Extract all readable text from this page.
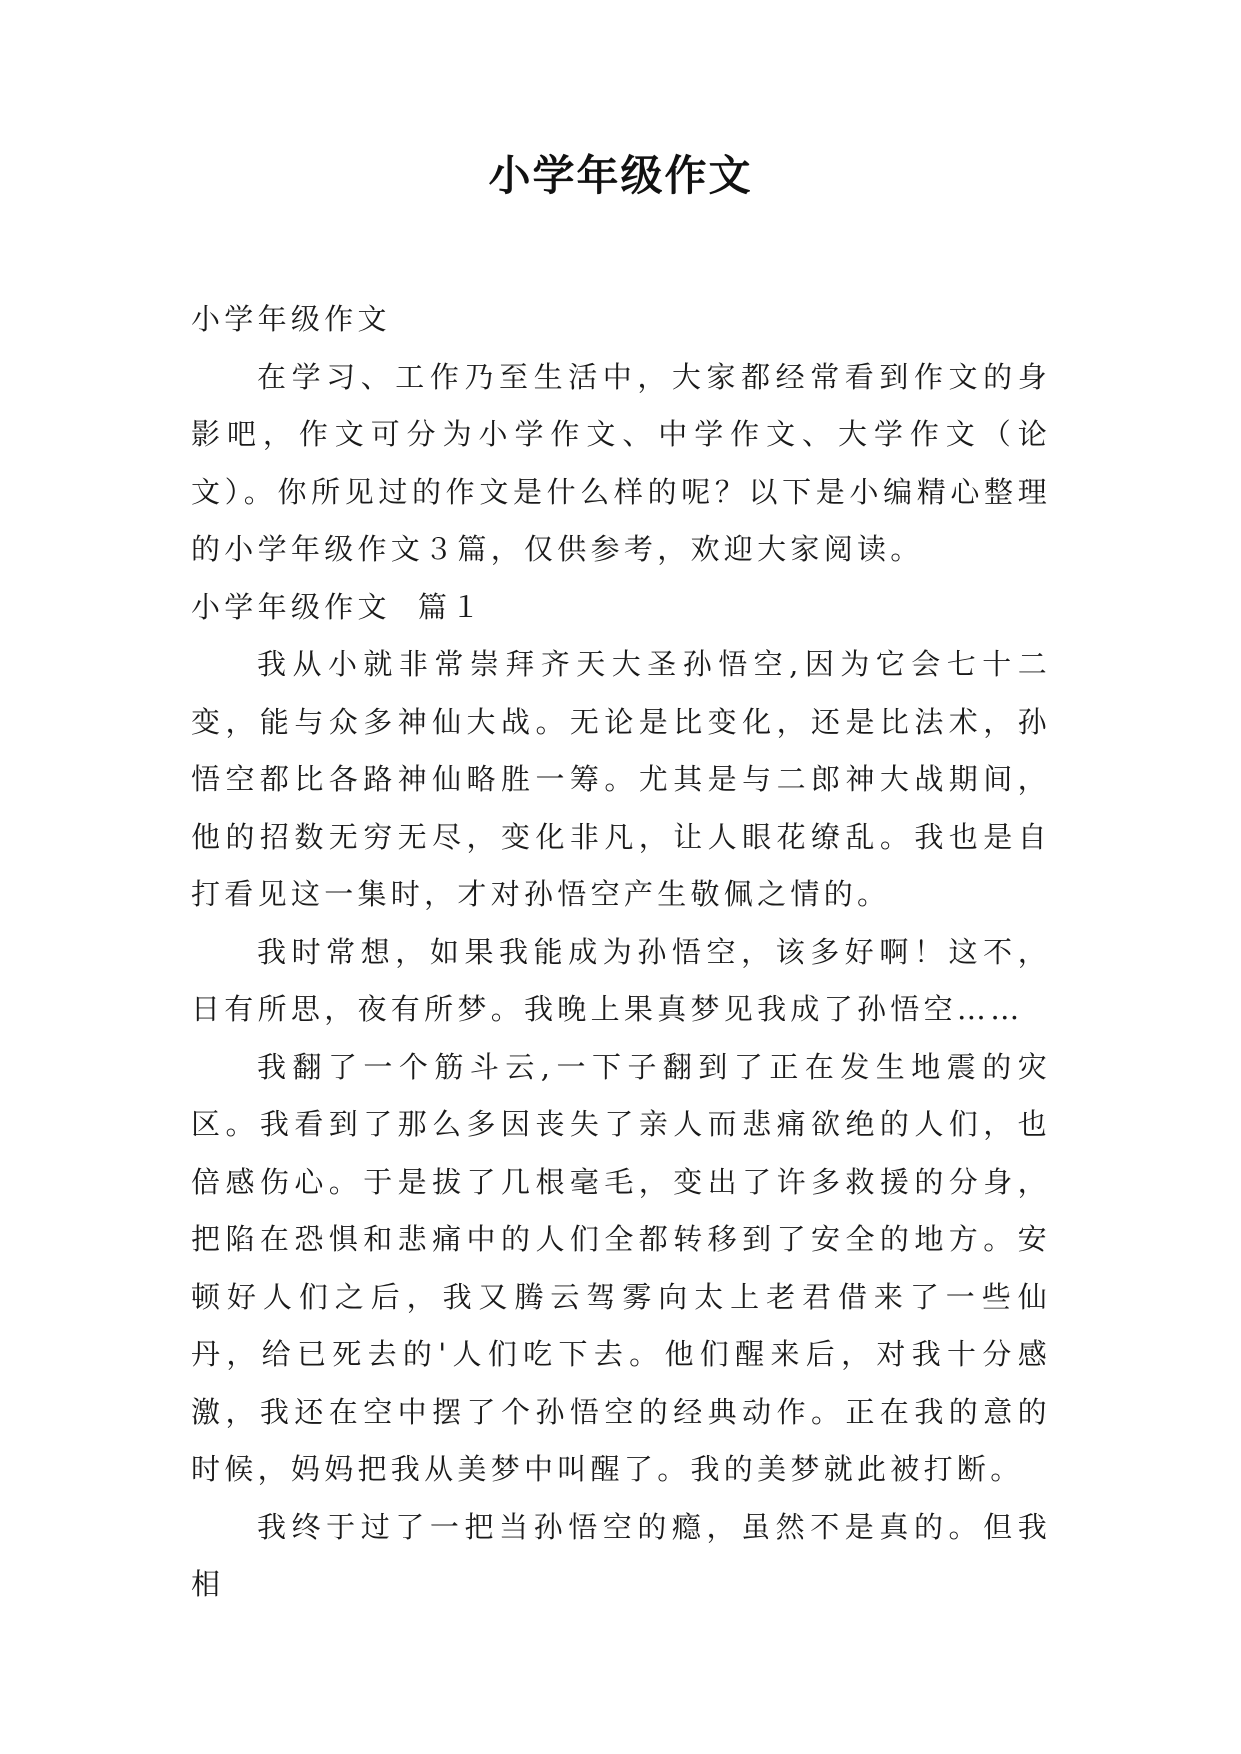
小学年级作文

小学年级作文

在学习、工作乃至生活中，大家都经常看到作文的身影吧，作文可分为小学作文、中学作文、大学作文（论文）。你所见过的作文是什么样的呢？以下是小编精心整理的小学年级作文３篇，仅供参考，欢迎大家阅读。

小学年级作文  篇１

我从小就非常崇拜齐天大圣孙悟空,因为它会七十二变，能与众多神仙大战。无论是比变化，还是比法术，孙悟空都比各路神仙略胜一筹。尤其是与二郎神大战期间，他的招数无穷无尽，变化非凡，让人眼花缭乱。我也是自打看见这一集时，才对孙悟空产生敬佩之情的。

我时常想，如果我能成为孙悟空，该多好啊！这不，日有所思，夜有所梦。我晚上果真梦见我成了孙悟空……

我翻了一个筋斗云,一下子翻到了正在发生地震的灾区。我看到了那么多因丧失了亲人而悲痛欲绝的人们，也倍感伤心。于是拔了几根毫毛，变出了许多救援的分身，把陷在恐惧和悲痛中的人们全都转移到了安全的地方。安顿好人们之后，我又腾云驾雾向太上老君借来了一些仙丹，给已死去的'人们吃下去。他们醒来后，对我十分感激，我还在空中摆了个孙悟空的经典动作。正在我的意的时候，妈妈把我从美梦中叫醒了。我的美梦就此被打断。

我终于过了一把当孙悟空的瘾，虽然不是真的。但我相
